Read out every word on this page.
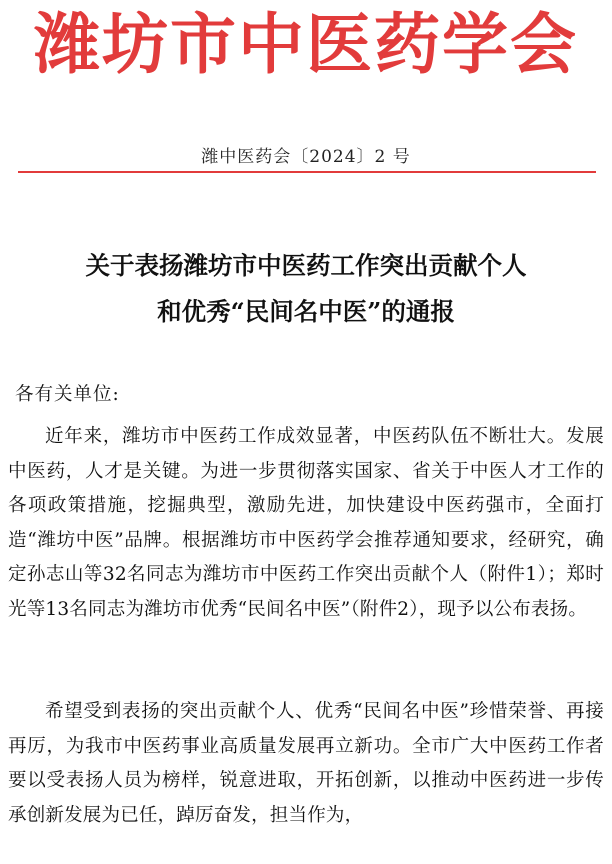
潍坊市中医药学会
潍中医药会〔2024〕2 号
关于表扬潍坊市中医药工作突出贡献个人
和优秀“民间名中医”的通报
各有关单位:

近年来，潍坊市中医药工作成效显著，中医药队伍不断壮大。发展中医药，人才是关键。为进一步贯彻落实国家、省关于中医人才工作的各项政策措施，挖掘典型，激励先进，加快建设中医药强市，全面打造“潍坊中医”品牌。根据潍坊市中医药学会推荐通知要求，经研究，确定孙志山等32名同志为潍坊市中医药工作突出贡献个人（附件1）；郑时光等13名同志为潍坊市优秀“民间名中医”（附件2），现予以公布表扬。

希望受到表扬的突出贡献个人、优秀“民间名中医”珍惜荣誉、再接再厉，为我市中医药事业高质量发展再立新功。全市广大中医药工作者要以受表扬人员为榜样，锐意进取，开拓创新，以推动中医药进一步传承创新发展为已任，踔厉奋发，担当作为，
